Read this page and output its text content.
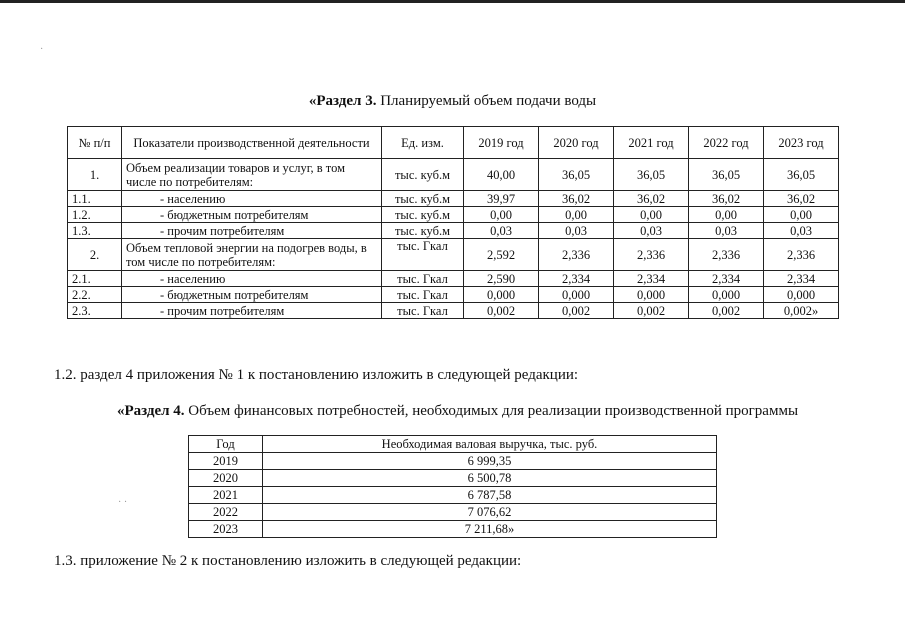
·
· ·
«Раздел 3. Планируемый объем подачи воды
№ п/п	Показатели производственной деятельности	Ед. изм.	2019 год	2020 год	2021 год	2022 год	2023 год
1.	Объем реализации товаров и услуг, в том числе по потребителям:	тыс. куб.м	40,00	36,05	36,05	36,05	36,05
1.1.	- населению	тыс. куб.м	39,97	36,02	36,02	36,02	36,02
1.2.	- бюджетным потребителям	тыс. куб.м	0,00	0,00	0,00	0,00	0,00
1.3.	- прочим потребителям	тыс. куб.м	0,03	0,03	0,03	0,03	0,03
2.	Объем тепловой энергии на подогрев воды, в том числе по потребителям:	тыс. Гкал	2,592	2,336	2,336	2,336	2,336
2.1.	- населению	тыс. Гкал	2,590	2,334	2,334	2,334	2,334
2.2.	- бюджетным потребителям	тыс. Гкал	0,000	0,000	0,000	0,000	0,000
2.3.	- прочим потребителям	тыс. Гкал	0,002	0,002	0,002	0,002	0,002»
1.2. раздел 4 приложения № 1 к постановлению изложить в следующей редакции:
«Раздел 4. Объем финансовых потребностей, необходимых для реализации производственной программы
Год	Необходимая валовая выручка, тыс. руб.
2019	6 999,35
2020	6 500,78
2021	6 787,58
2022	7 076,62
2023	7 211,68»
1.3. приложение № 2 к постановлению изложить в следующей редакции:
